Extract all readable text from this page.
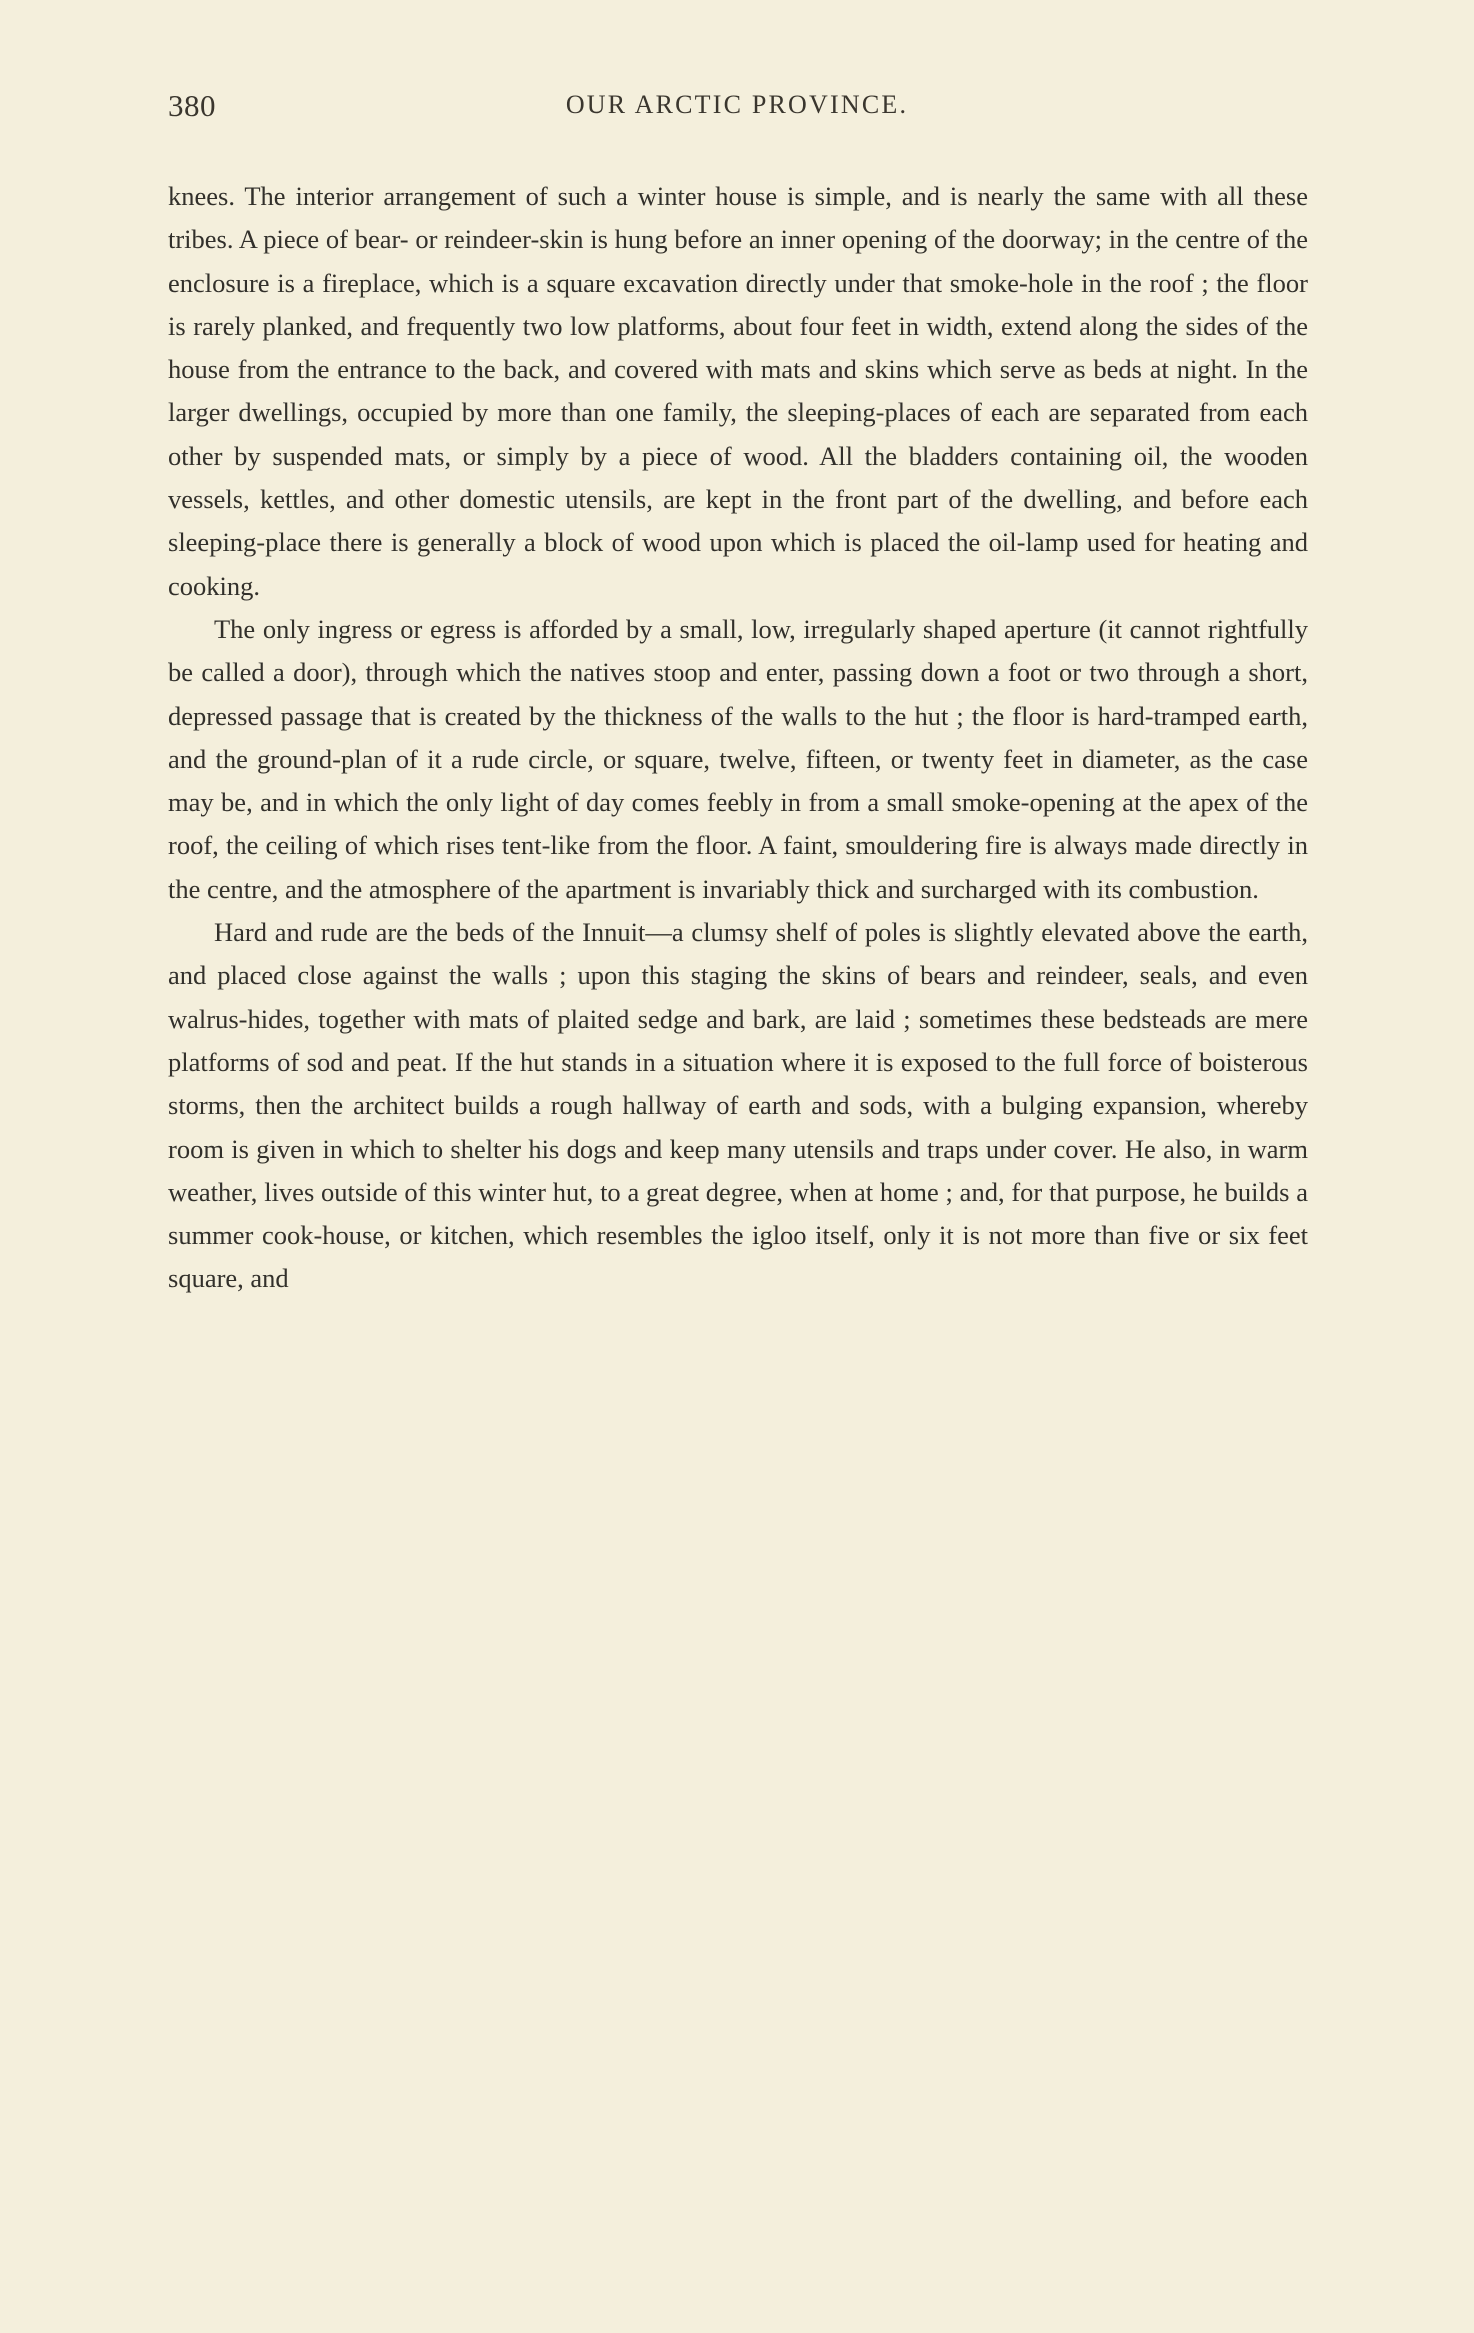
380	OUR ARCTIC PROVINCE.

knees. The interior arrangement of such a winter house is simple, and is nearly the same with all these tribes. A piece of bear- or reindeer-skin is hung before an inner opening of the doorway; in the centre of the enclosure is a fireplace, which is a square excavation directly under that smoke-hole in the roof ; the floor is rarely planked, and frequently two low platforms, about four feet in width, extend along the sides of the house from the entrance to the back, and covered with mats and skins which serve as beds at night. In the larger dwellings, occupied by more than one family, the sleeping-places of each are separated from each other by suspended mats, or simply by a piece of wood. All the bladders containing oil, the wooden vessels, kettles, and other domestic utensils, are kept in the front part of the dwelling, and before each sleeping-place there is generally a block of wood upon which is placed the oil-lamp used for heating and cooking.

The only ingress or egress is afforded by a small, low, irregularly shaped aperture (it cannot rightfully be called a door), through which the natives stoop and enter, passing down a foot or two through a short, depressed passage that is created by the thickness of the walls to the hut ; the floor is hard-tramped earth, and the ground-plan of it a rude circle, or square, twelve, fifteen, or twenty feet in diameter, as the case may be, and in which the only light of day comes feebly in from a small smoke-opening at the apex of the roof, the ceiling of which rises tent-like from the floor. A faint, smouldering fire is always made directly in the centre, and the atmosphere of the apartment is invariably thick and surcharged with its combustion.

Hard and rude are the beds of the Innuit—a clumsy shelf of poles is slightly elevated above the earth, and placed close against the walls ; upon this staging the skins of bears and reindeer, seals, and even walrus-hides, together with mats of plaited sedge and bark, are laid ; sometimes these bedsteads are mere platforms of sod and peat. If the hut stands in a situation where it is exposed to the full force of boisterous storms, then the architect builds a rough hallway of earth and sods, with a bulging expansion, whereby room is given in which to shelter his dogs and keep many utensils and traps under cover. He also, in warm weather, lives outside of this winter hut, to a great degree, when at home ; and, for that purpose, he builds a summer cook-house, or kitchen, which resembles the igloo itself, only it is not more than five or six feet square, and
